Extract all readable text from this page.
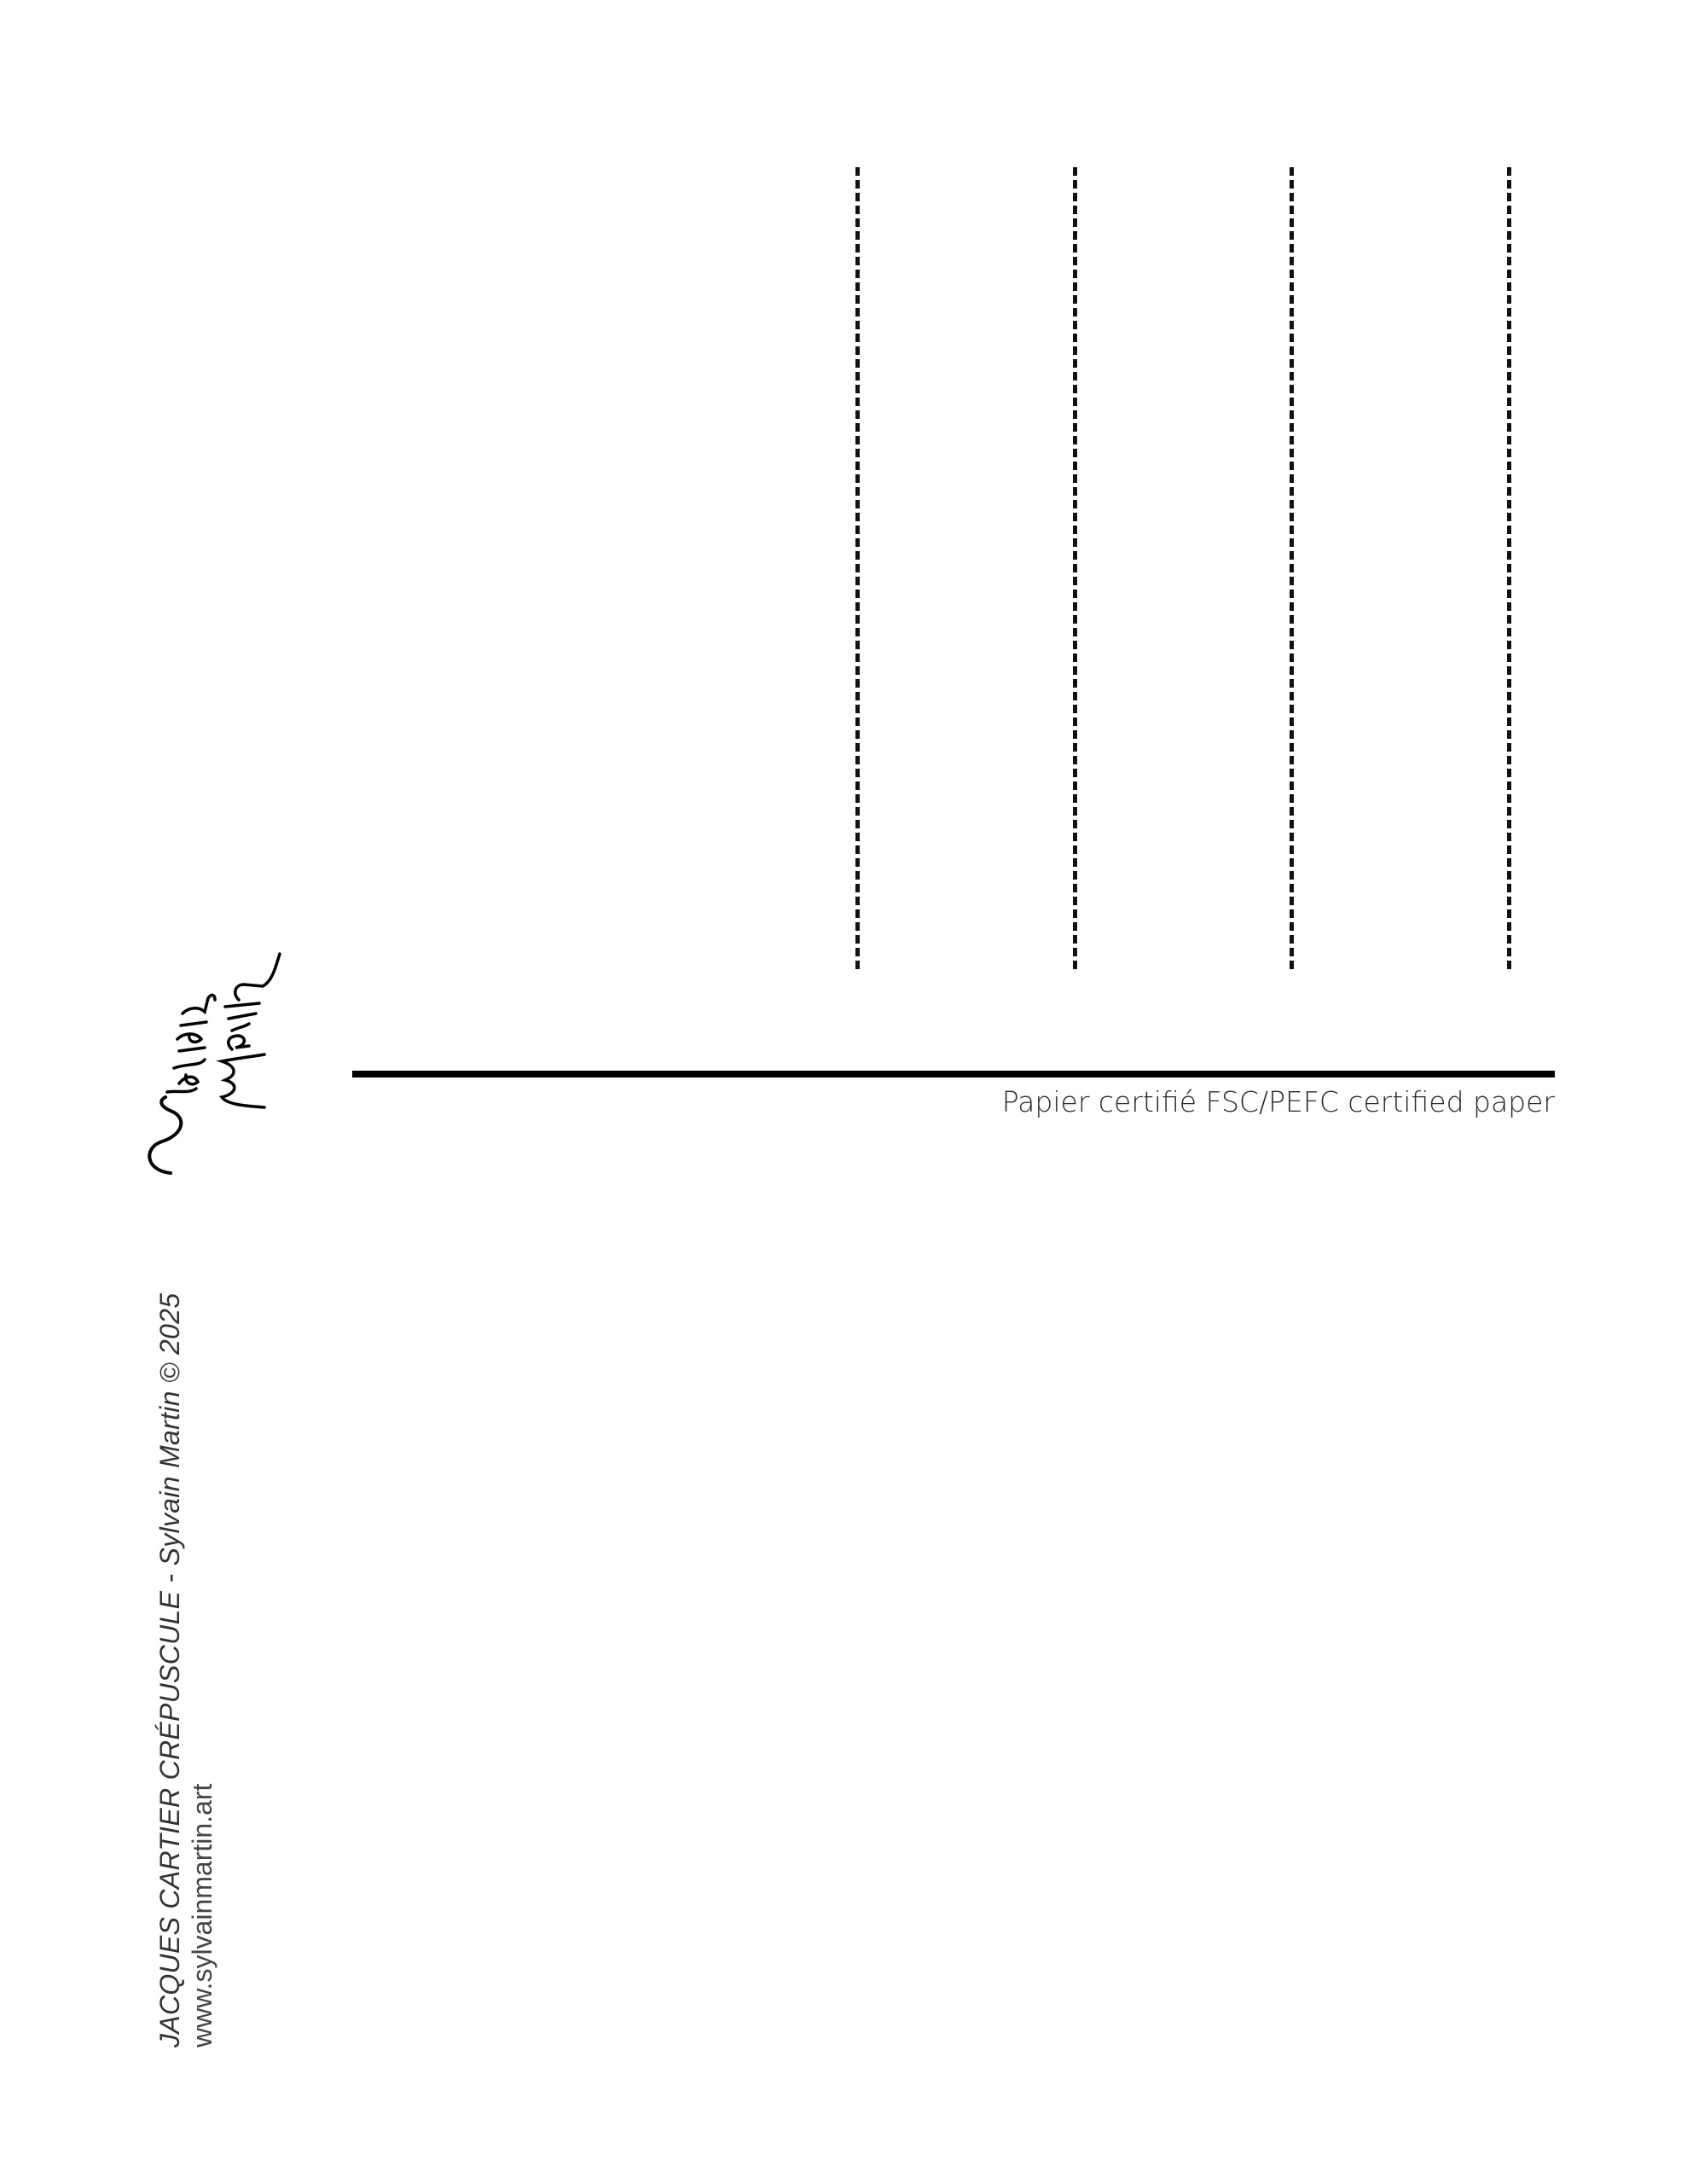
Papier certifié FSC/PEFC certified paper
JACQUES CARTIER CRÉPUSCULE - Sylvain Martin © 2025 www.sylvainmartin.art
